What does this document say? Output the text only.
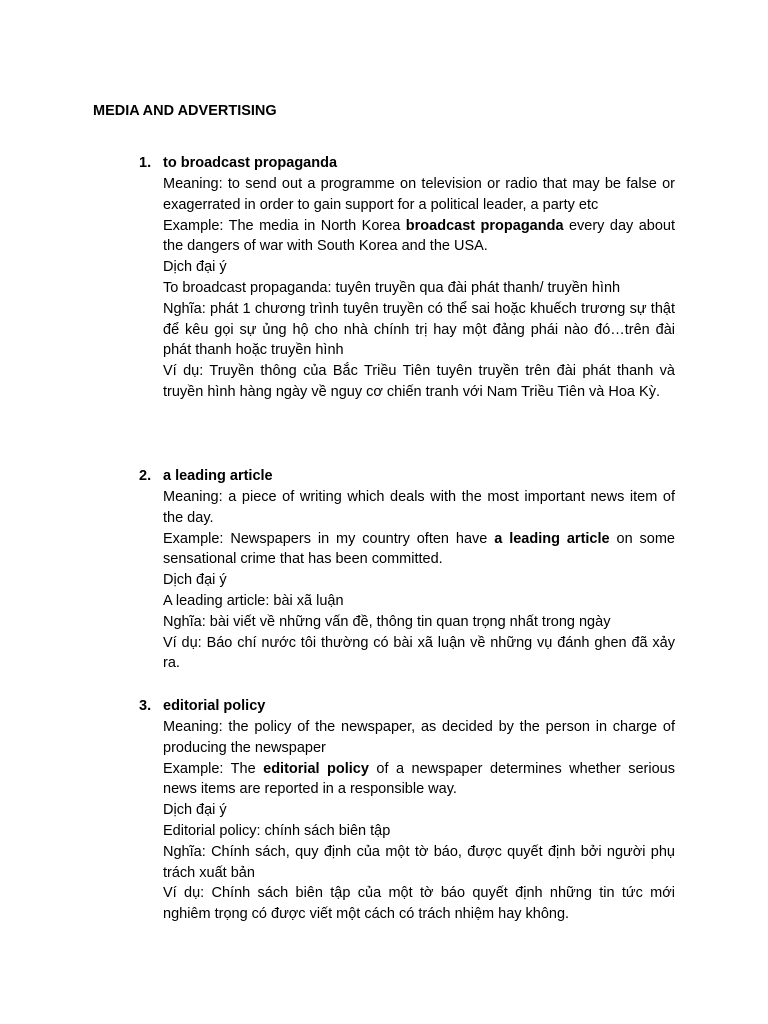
MEDIA AND ADVERTISING
1. to broadcast propaganda

Meaning: to send out a programme on television or radio that may be false or exagerrated in order to gain support for a political leader, a party etc

Example: The media in North Korea broadcast propaganda every day about the dangers of war with South Korea and the USA.

Dịch đại ý

To broadcast propaganda: tuyên truyền qua đài phát thanh/ truyền hình

Nghĩa: phát 1 chương trình tuyên truyền có thể sai hoặc khuếch trương sự thật để kêu gọi sự ủng hộ cho nhà chính trị hay một đảng phái nào đó…trên đài phát thanh hoặc truyền hình

Ví dụ: Truyền thông của Bắc Triều Tiên tuyên truyền trên đài phát thanh và truyền hình hàng ngày về nguy cơ chiến tranh với Nam Triều Tiên và Hoa Kỳ.

2. a leading article

Meaning: a piece of writing which deals with the most important news item of the day.

Example: Newspapers in my country often have a leading article on some sensational crime that has been committed.

Dịch đại ý

A leading article: bài xã luận

Nghĩa: bài viết về những vấn đề, thông tin quan trọng nhất trong ngày

Ví dụ: Báo chí nước tôi thường có bài xã luận về những vụ đánh ghen đã xảy ra.

3. editorial policy

Meaning: the policy of the newspaper, as decided by the person in charge of producing the newspaper

Example: The editorial policy of a newspaper determines whether serious news items are reported in a responsible way.

Dịch đại ý

Editorial policy: chính sách biên tập

Nghĩa: Chính sách, quy định của một tờ báo, được quyết định bởi người phụ trách xuất bản

Ví dụ: Chính sách biên tập của một tờ báo quyết định những tin tức mới nghiêm trọng có được viết một cách có trách nhiệm hay không.
